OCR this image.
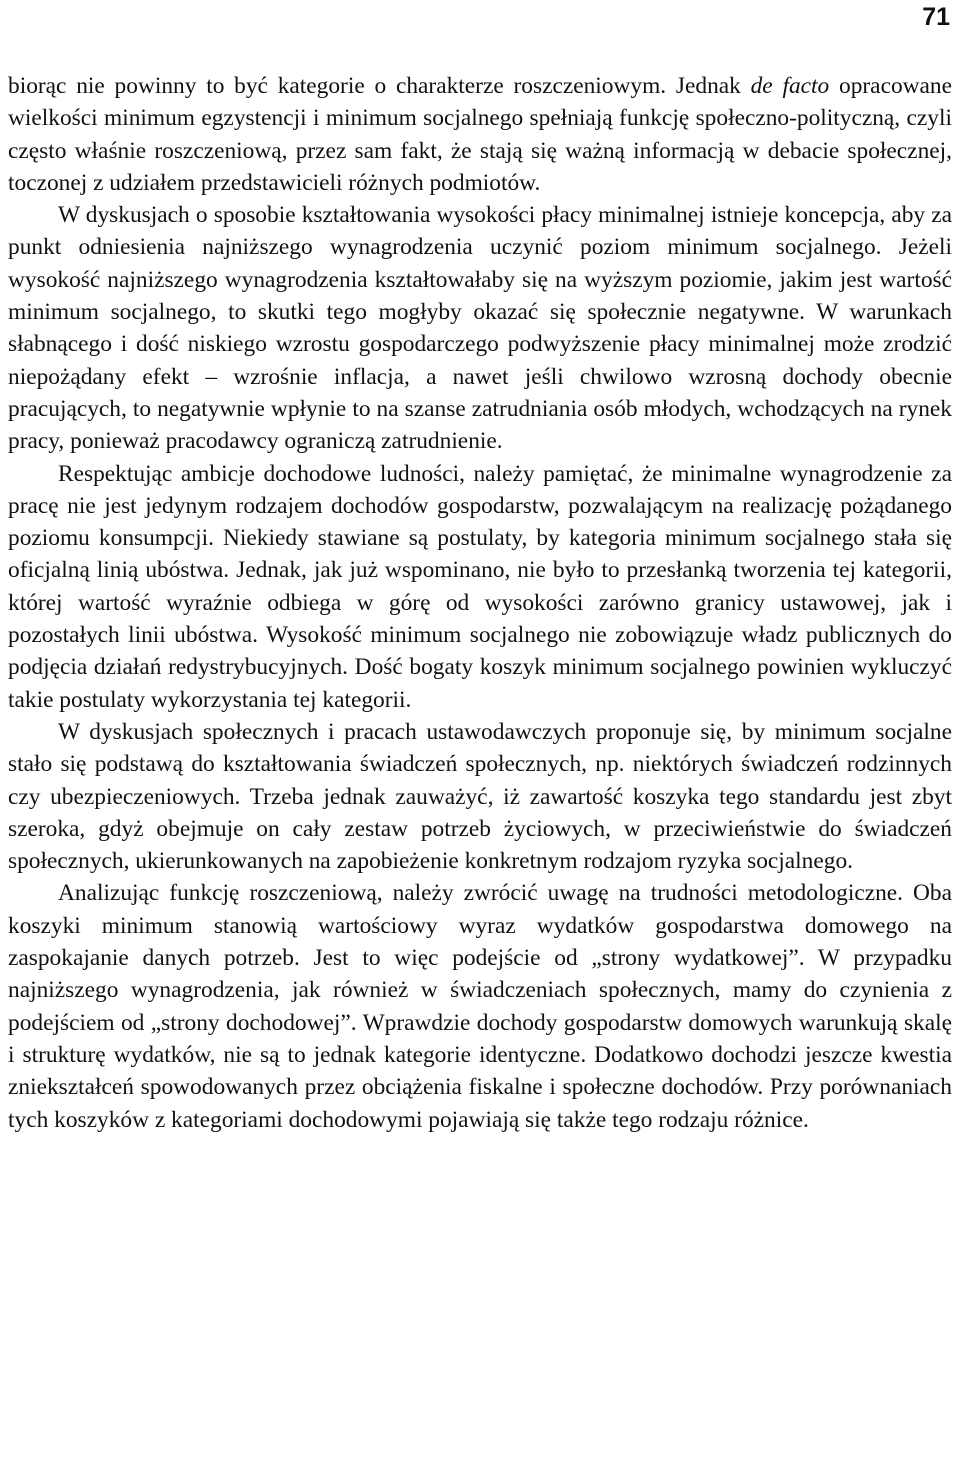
71

biorąc nie powinny to być kategorie o charakterze roszczeniowym. Jednak de facto opracowane wielkości minimum egzystencji i minimum socjalnego spełniają funkcję społeczno-polityczną, czyli często właśnie roszczeniową, przez sam fakt, że stają się ważną informacją w debacie społecznej, toczonej z udziałem przedstawicieli różnych podmiotów.

W dyskusjach o sposobie kształtowania wysokości płacy minimalnej istnieje koncepcja, aby za punkt odniesienia najniższego wynagrodzenia uczynić poziom minimum socjalnego. Jeżeli wysokość najniższego wynagrodzenia kształtowałaby się na wyższym poziomie, jakim jest wartość minimum socjalnego, to skutki tego mogłyby okazać się społecznie negatywne. W warunkach słabnącego i dość niskiego wzrostu gospodarczego podwyższenie płacy minimalnej może zrodzić niepożądany efekt – wzrośnie inflacja, a nawet jeśli chwilowo wzrosną dochody obecnie pracujących, to negatywnie wpłynie to na szanse zatrudniania osób młodych, wchodzących na rynek pracy, ponieważ pracodawcy ograniczą zatrudnienie.

Respektując ambicje dochodowe ludności, należy pamiętać, że minimalne wynagrodzenie za pracę nie jest jedynym rodzajem dochodów gospodarstw, pozwalającym na realizację pożądanego poziomu konsumpcji. Niekiedy stawiane są postulaty, by kategoria minimum socjalnego stała się oficjalną linią ubóstwa. Jednak, jak już wspominano, nie było to przesłanką tworzenia tej kategorii, której wartość wyraźnie odbiega w górę od wysokości zarówno granicy ustawowej, jak i pozostałych linii ubóstwa. Wysokość minimum socjalnego nie zobowiązuje władz publicznych do podjęcia działań redystrybucyjnych. Dość bogaty koszyk minimum socjalnego powinien wykluczyć takie postulaty wykorzystania tej kategorii.

W dyskusjach społecznych i pracach ustawodawczych proponuje się, by minimum socjalne stało się podstawą do kształtowania świadczeń społecznych, np. niektórych świadczeń rodzinnych czy ubezpieczeniowych. Trzeba jednak zauważyć, iż zawartość koszyka tego standardu jest zbyt szeroka, gdyż obejmuje on cały zestaw potrzeb życiowych, w przeciwieństwie do świadczeń społecznych, ukierunkowanych na zapobieżenie konkretnym rodzajom ryzyka socjalnego.

Analizując funkcję roszczeniową, należy zwrócić uwagę na trudności metodologiczne. Oba koszyki minimum stanowią wartościowy wyraz wydatków gospodarstwa domowego na zaspokajanie danych potrzeb. Jest to więc podejście od „strony wydatkowej”. W przypadku najniższego wynagrodzenia, jak również w świadczeniach społecznych, mamy do czynienia z podejściem od „strony dochodowej”. Wprawdzie dochody gospodarstw domowych warunkują skalę i strukturę wydatków, nie są to jednak kategorie identyczne. Dodatkowo dochodzi jeszcze kwestia zniekształceń spowodowanych przez obciążenia fiskalne i społeczne dochodów. Przy porównaniach tych koszyków z kategoriami dochodowymi pojawiają się także tego rodzaju różnice.
